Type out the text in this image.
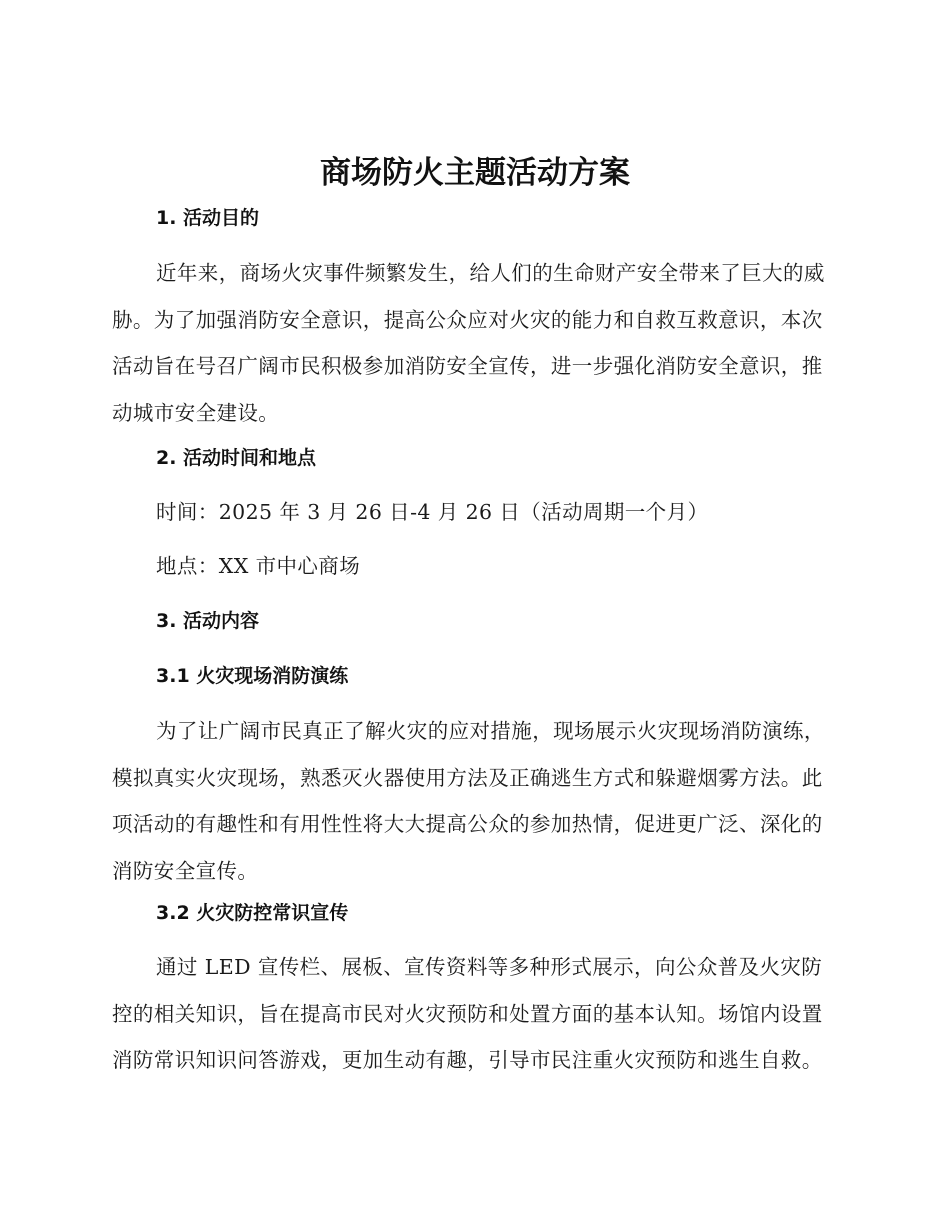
商场防火主题活动方案
1. 活动目的

近年来，商场火灾事件频繁发生，给人们的生命财产安全带来了巨大的威胁。为了加强消防安全意识，提高公众应对火灾的能力和自救互救意识，本次活动旨在号召广阔市民积极参加消防安全宣传，进一步强化消防安全意识，推动城市安全建设。

2. 活动时间和地点

时间：2025 年 3 月 26 日-4 月 26 日（活动周期一个月）

地点：XX 市中心商场

3. 活动内容
3.1 火灾现场消防演练

为了让广阔市民真正了解火灾的应对措施，现场展示火灾现场消防演练，模拟真实火灾现场，熟悉灭火器使用方法及正确逃生方式和躲避烟雾方法。此项活动的有趣性和有用性性将大大提高公众的参加热情，促进更广泛、深化的消防安全宣传。

3.2 火灾防控常识宣传

通过 LED 宣传栏、展板、宣传资料等多种形式展示，向公众普及火灾防控的相关知识，旨在提高市民对火灾预防和处置方面的基本认知。场馆内设置消防常识知识问答游戏，更加生动有趣，引导市民注重火灾预防和逃生自救。
